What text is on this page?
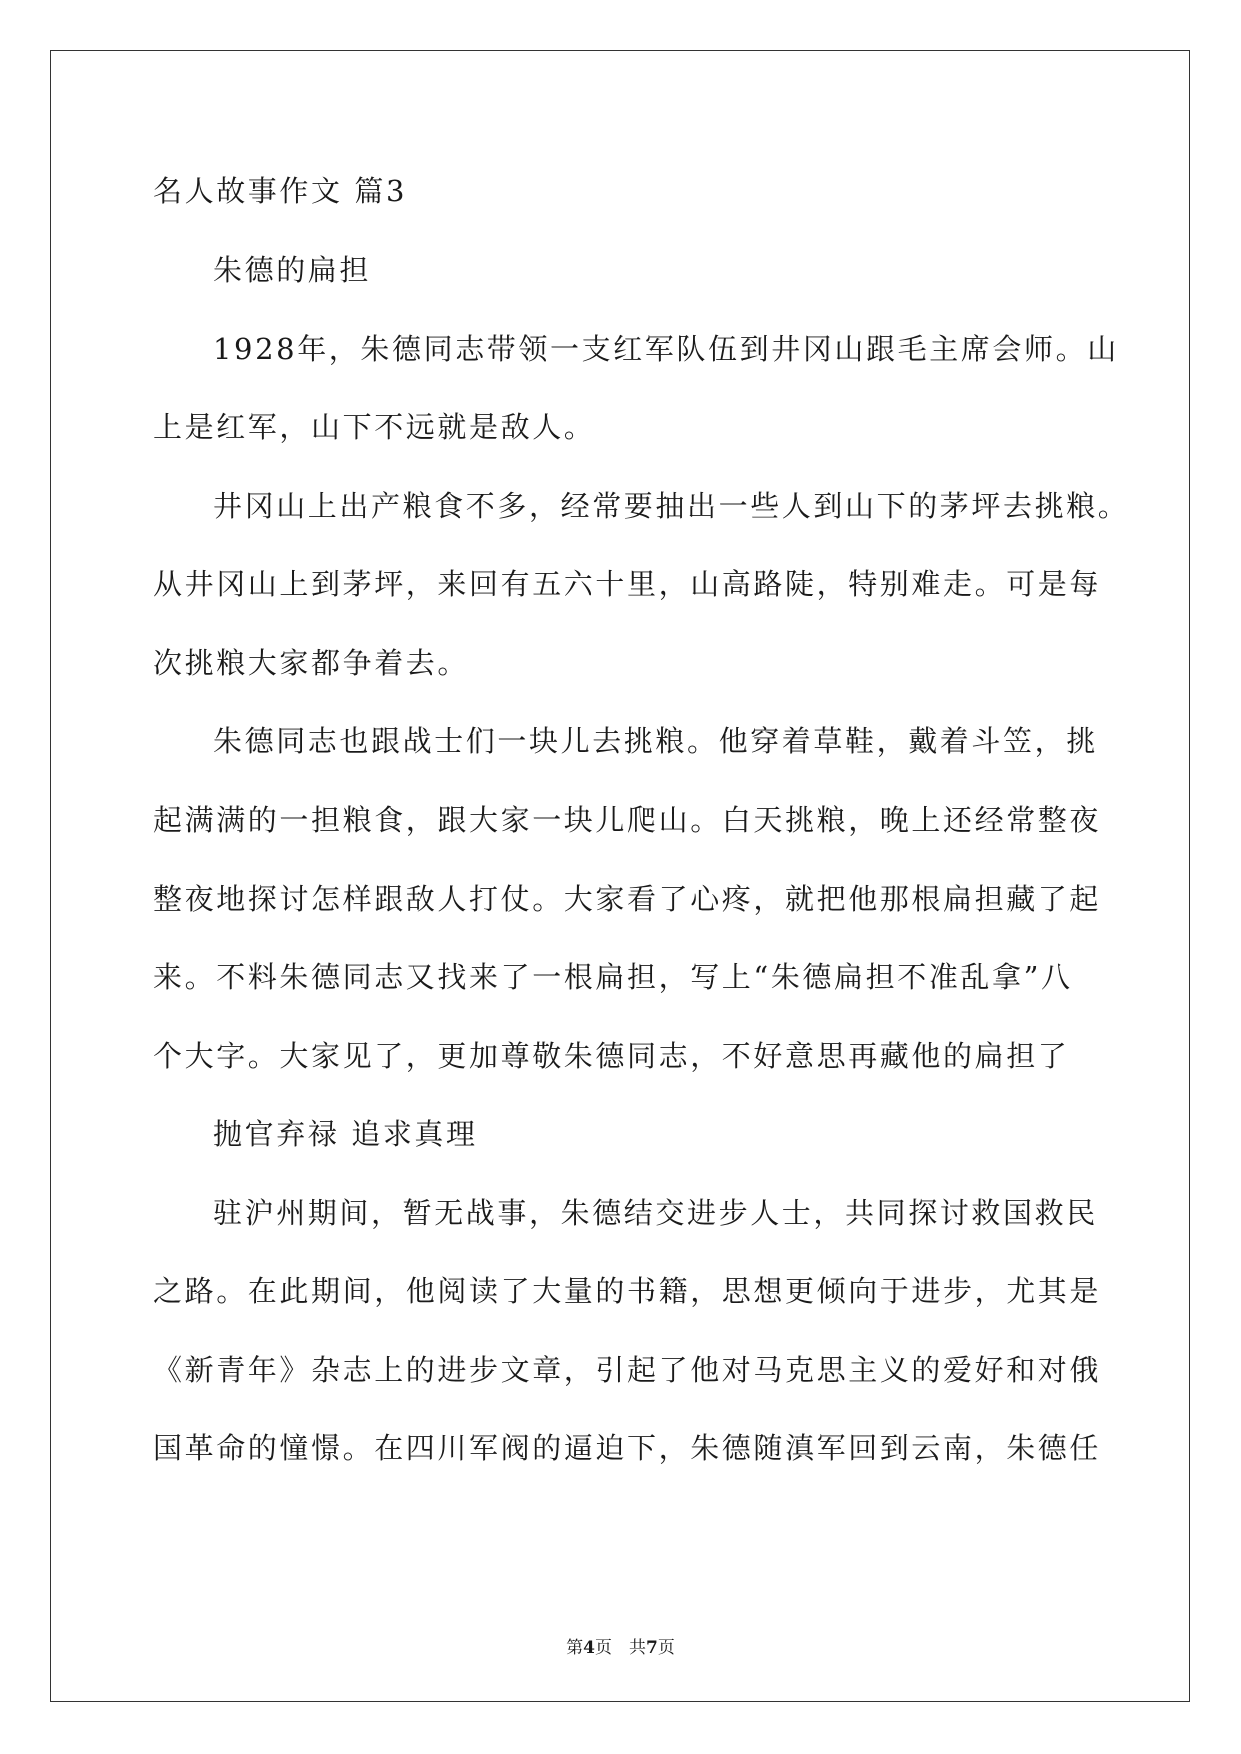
名人故事作文 篇3
朱德的扁担
1928年，朱德同志带领一支红军队伍到井冈山跟毛主席会师。山
上是红军，山下不远就是敌人。
井冈山上出产粮食不多，经常要抽出一些人到山下的茅坪去挑粮。
从井冈山上到茅坪，来回有五六十里，山高路陡，特别难走。可是每
次挑粮大家都争着去。
朱德同志也跟战士们一块儿去挑粮。他穿着草鞋，戴着斗笠，挑
起满满的一担粮食，跟大家一块儿爬山。白天挑粮，晚上还经常整夜
整夜地探讨怎样跟敌人打仗。大家看了心疼，就把他那根扁担藏了起
来。不料朱德同志又找来了一根扁担，写上“朱德扁担不准乱拿”八
个大字。大家见了，更加尊敬朱德同志，不好意思再藏他的扁担了
抛官弃禄 追求真理
驻沪州期间，暂无战事，朱德结交进步人士，共同探讨救国救民
之路。在此期间，他阅读了大量的书籍，思想更倾向于进步，尤其是
《新青年》杂志上的进步文章，引起了他对马克思主义的爱好和对俄
国革命的憧憬。在四川军阀的逼迫下，朱德随滇军回到云南，朱德任
第4页　共7页
